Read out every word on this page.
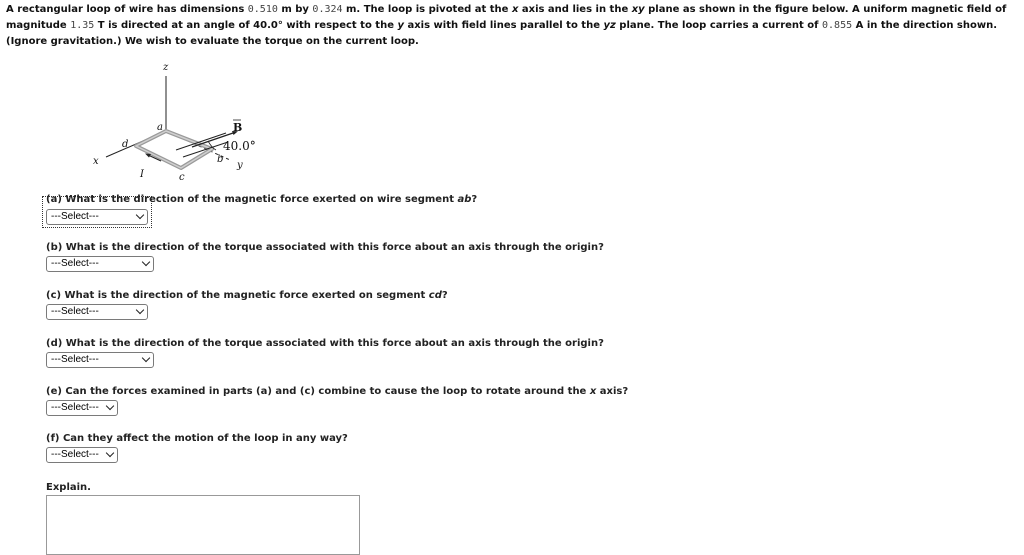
A rectangular loop of wire has dimensions 0.510 m by 0.324 m. The loop is pivoted at the x axis and lies in the xy plane as shown in the figure below. A uniform magnetic field of magnitude 1.35 T is directed at an angle of 40.0° with respect to the y axis with field lines parallel to the yz plane. The loop carries a current of 0.855 A in the direction shown. (Ignore gravitation.) We wish to evaluate the torque on the current loop.
z
x	y
a
d
c
b
I
B
40.0°
(a) What is the direction of the magnetic force exerted on wire segment ab?
---Select---
(b) What is the direction of the torque associated with this force about an axis through the origin?
---Select---
(c) What is the direction of the magnetic force exerted on segment cd?
---Select---
(d) What is the direction of the torque associated with this force about an axis through the origin?
---Select---
(e) Can the forces examined in parts (a) and (c) combine to cause the loop to rotate around the x axis?
---Select---
(f) Can they affect the motion of the loop in any way?
---Select---
Explain.
